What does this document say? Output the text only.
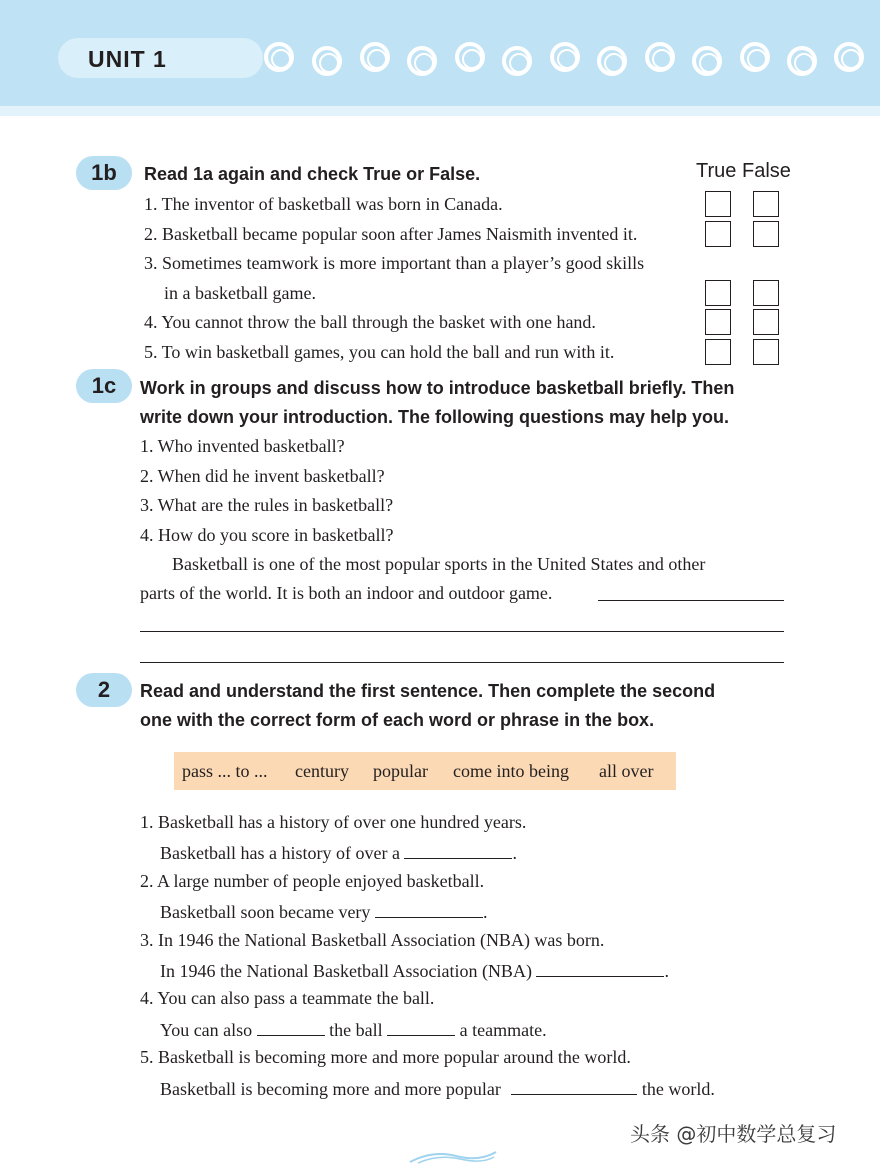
UNIT 1
1b	Read 1a again and check True or False.	True False
1. The inventor of basketball was born in Canada.
2. Basketball became popular soon after James Naismith invented it.
3. Sometimes teamwork is more important than a player’s good skills
in a basketball game.
4. You cannot throw the ball through the basket with one hand.
5. To win basketball games, you can hold the ball and run with it.
1c	Work in groups and discuss how to introduce basketball briefly. Then
write down your introduction. The following questions may help you.
1. Who invented basketball?
2. When did he invent basketball?
3. What are the rules in basketball?
4. How do you score in basketball?
Basketball is one of the most popular sports in the United States and other
parts of the world. It is both an indoor and outdoor game.
2	Read and understand the first sentence. Then complete the second
one with the correct form of each word or phrase in the box.
pass ... to ... century popular come into being all over
1. Basketball has a history of over one hundred years.
Basketball has a history of over a	.
2. A large number of people enjoyed basketball.
Basketball soon became very	.
3. In 1946 the National Basketball Association (NBA) was born.
In 1946 the National Basketball Association (NBA)	.
4. You can also pass a teammate the ball.
You can also	the ball	a teammate.
5. Basketball is becoming more and more popular around the world.
Basketball is becoming more and more popular	the world.
头条 @初中数学总复习
